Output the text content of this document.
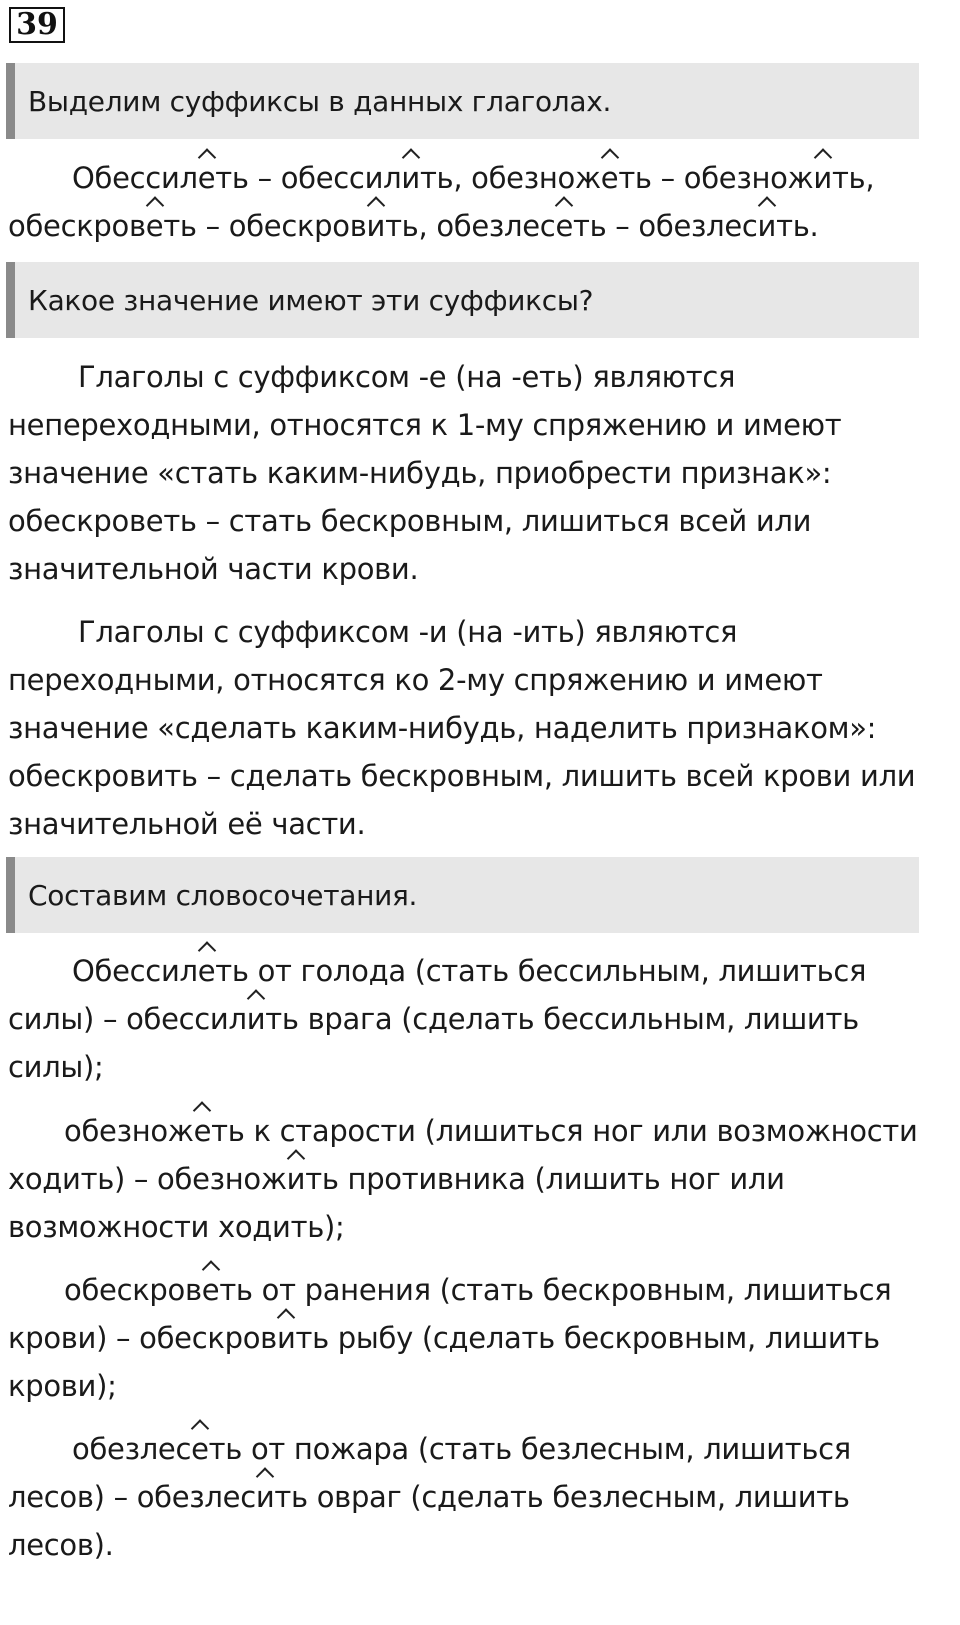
39
Выделим суффиксы в данных глаголах.
Обессилеть – обессилить, обезножеть – обезножить,
обескроветь – обескровить, обезлесеть – обезлесить.
Какое значение имеют эти суффиксы?
Глаголы с суффиксом -е (на -еть) являются
непереходными, относятся к 1-му спряжению и имеют
значение «стать каким-нибудь, приобрести признак»:
обескроветь – стать бескровным, лишиться всей или
значительной части крови.
Глаголы с суффиксом -и (на -ить) являются
переходными, относятся ко 2-му спряжению и имеют
значение «сделать каким-нибудь, наделить признаком»:
обескровить – сделать бескровным, лишить всей крови или
значительной её части.
Составим словосочетания.
Обессилеть от голода (стать бессильным, лишиться
силы) – обессилить врага (сделать бессильным, лишить
силы);
обезножеть к старости (лишиться ног или возможности
ходить) – обезножить противника (лишить ног или
возможности ходить);
обескроветь от ранения (стать бескровным, лишиться
крови) – обескровить рыбу (сделать бескровным, лишить
крови);
обезлесеть от пожара (стать безлесным, лишиться
лесов) – обезлесить овраг (сделать безлесным, лишить
лесов).
